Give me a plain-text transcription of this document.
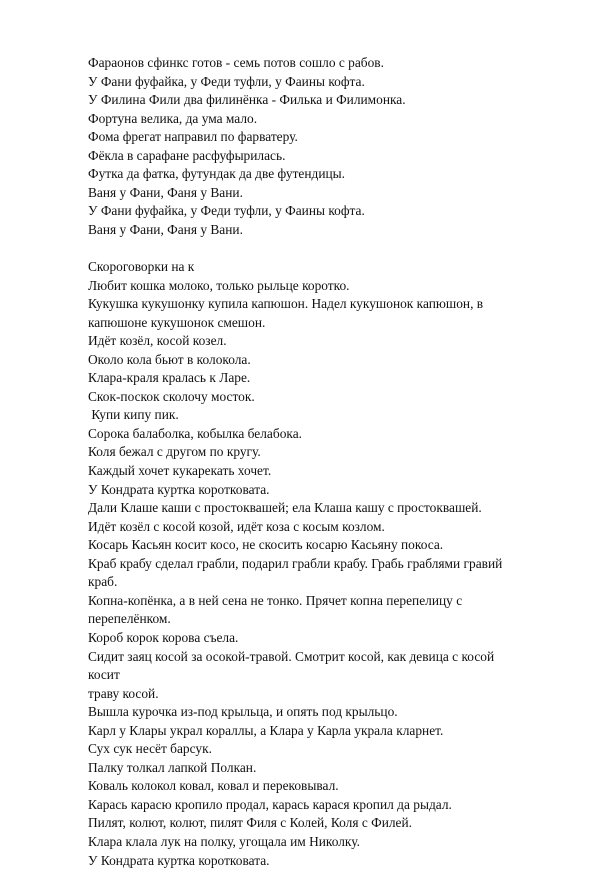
Фараонов сфинкс готов - семь потов сошло с рабов.

У Фани фуфайка, у Феди туфли, у Фаины кофта.

У Филина Фили два филинёнка - Филька и Филимонка.

Фортуна велика, да ума мало.

Фома фрегат направил по фарватеру.

Фёкла в сарафане расфуфырилась.

Футка да фатка, футундак да две футендицы.

Ваня у Фани, Фаня у Вани.

У Фани фуфайка, у Феди туфли, у Фаины кофта.

Ваня у Фани, Фаня у Вани.

Скороговорки на к

Любит кошка молоко, только рыльце коротко.

Кукушка кукушонку купила капюшон. Надел кукушонок капюшон, в

капюшоне кукушонок смешон.

Идёт козёл, косой козел.

Около кола бьют в колокола.

Клара-краля кралась к Ларе.

Скок-поскок сколочу мосток.

Купи кипу пик.

Сорока балаболка, кобылка белабока.

Коля бежал с другом по кругу.

Каждый хочет кукарекать хочет.

У Кондрата куртка коротковата.

Дали Клаше каши с простоквашей; ела Клаша кашу с простоквашей.

Идёт козёл с косой козой, идёт коза с косым козлом.

Косарь Касьян косит косо, не скосить косарю Касьяну покоса.

Краб крабу сделал грабли, подарил грабли крабу. Грабь граблями гравий

краб.

Копна-копёнка, а в ней сена не тонко. Прячет копна перепелицу с

перепелёнком.

Короб корок корова съела.

Сидит заяц косой за осокой-травой. Смотрит косой, как девица с косой косит

траву косой.

Вышла курочка из-под крыльца, и опять под крыльцо.

Карл у Клары украл кораллы, а Клара у Карла украла кларнет.

Сух сук несёт барсук.

Палку толкал лапкой Полкан.

Коваль колокол ковал, ковал и перековывал.

Карась карасю кропило продал, карась карася кропил да рыдал.

Пилят, колют, колют, пилят Филя с Колей, Коля с Филей.

Клара клала лук на полку, угощала им Николку.

У Кондрата куртка коротковата.
